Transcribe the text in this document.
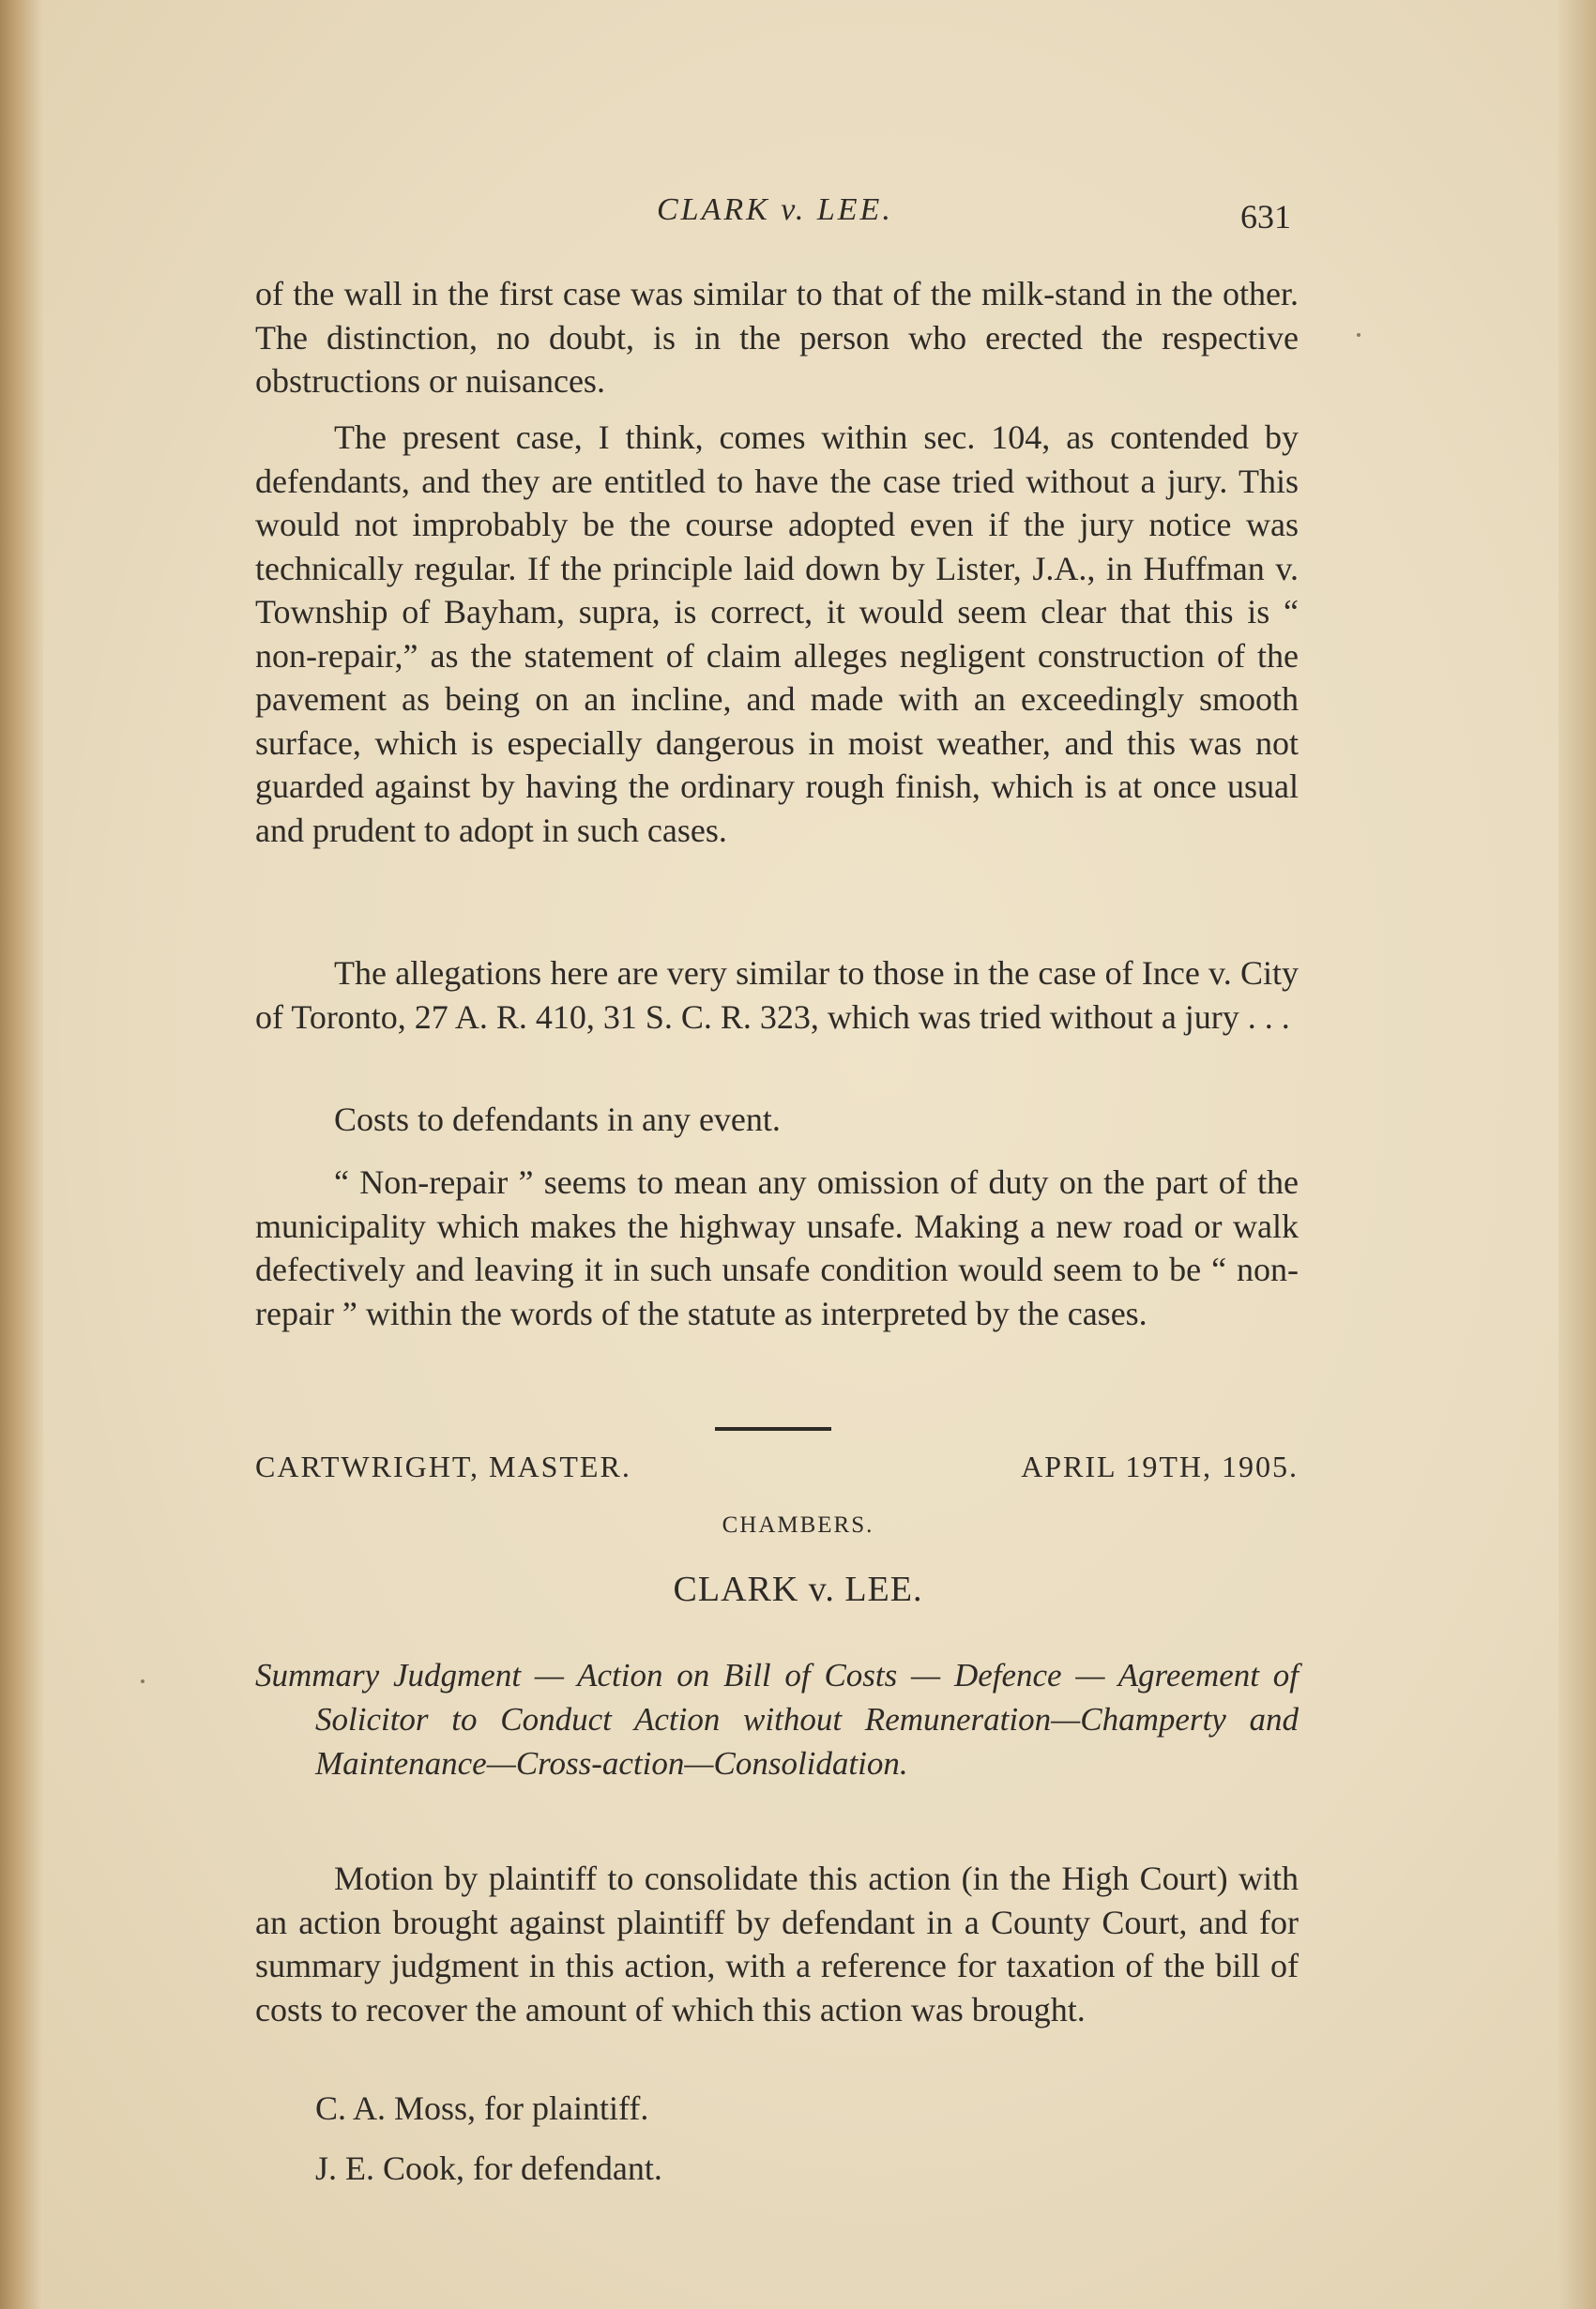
CLARK v. LEE.	631

of the wall in the first case was similar to that of the milk-stand in the other. The distinction, no doubt, is in the person who erected the respective obstructions or nuisances.

The present case, I think, comes within sec. 104, as contended by defendants, and they are entitled to have the case tried without a jury. This would not improbably be the course adopted even if the jury notice was technically regular. If the principle laid down by Lister, J.A., in Huffman v. Township of Bayham, supra, is correct, it would seem clear that this is “ non-repair,” as the statement of claim alleges negligent construction of the pavement as being on an incline, and made with an exceedingly smooth surface, which is especially dangerous in moist weather, and this was not guarded against by having the ordinary rough finish, which is at once usual and prudent to adopt in such cases.

The allegations here are very similar to those in the case of Ince v. City of Toronto, 27 A. R. 410, 31 S. C. R. 323, which was tried without a jury . . .

Costs to defendants in any event.

“ Non-repair ” seems to mean any omission of duty on the part of the municipality which makes the highway unsafe. Making a new road or walk defectively and leaving it in such unsafe condition would seem to be “ non-repair ” within the words of the statute as interpreted by the cases.

CARTWRIGHT, MASTER.	APRIL 19TH, 1905.
CHAMBERS.
CLARK v. LEE.

Summary Judgment — Action on Bill of Costs — Defence — Agreement of Solicitor to Conduct Action without Remuneration—Champerty and Maintenance—Cross-action—Consolidation.

Motion by plaintiff to consolidate this action (in the High Court) with an action brought against plaintiff by defendant in a County Court, and for summary judgment in this action, with a reference for taxation of the bill of costs to recover the amount of which this action was brought.

C. A. Moss, for plaintiff.

J. E. Cook, for defendant.
